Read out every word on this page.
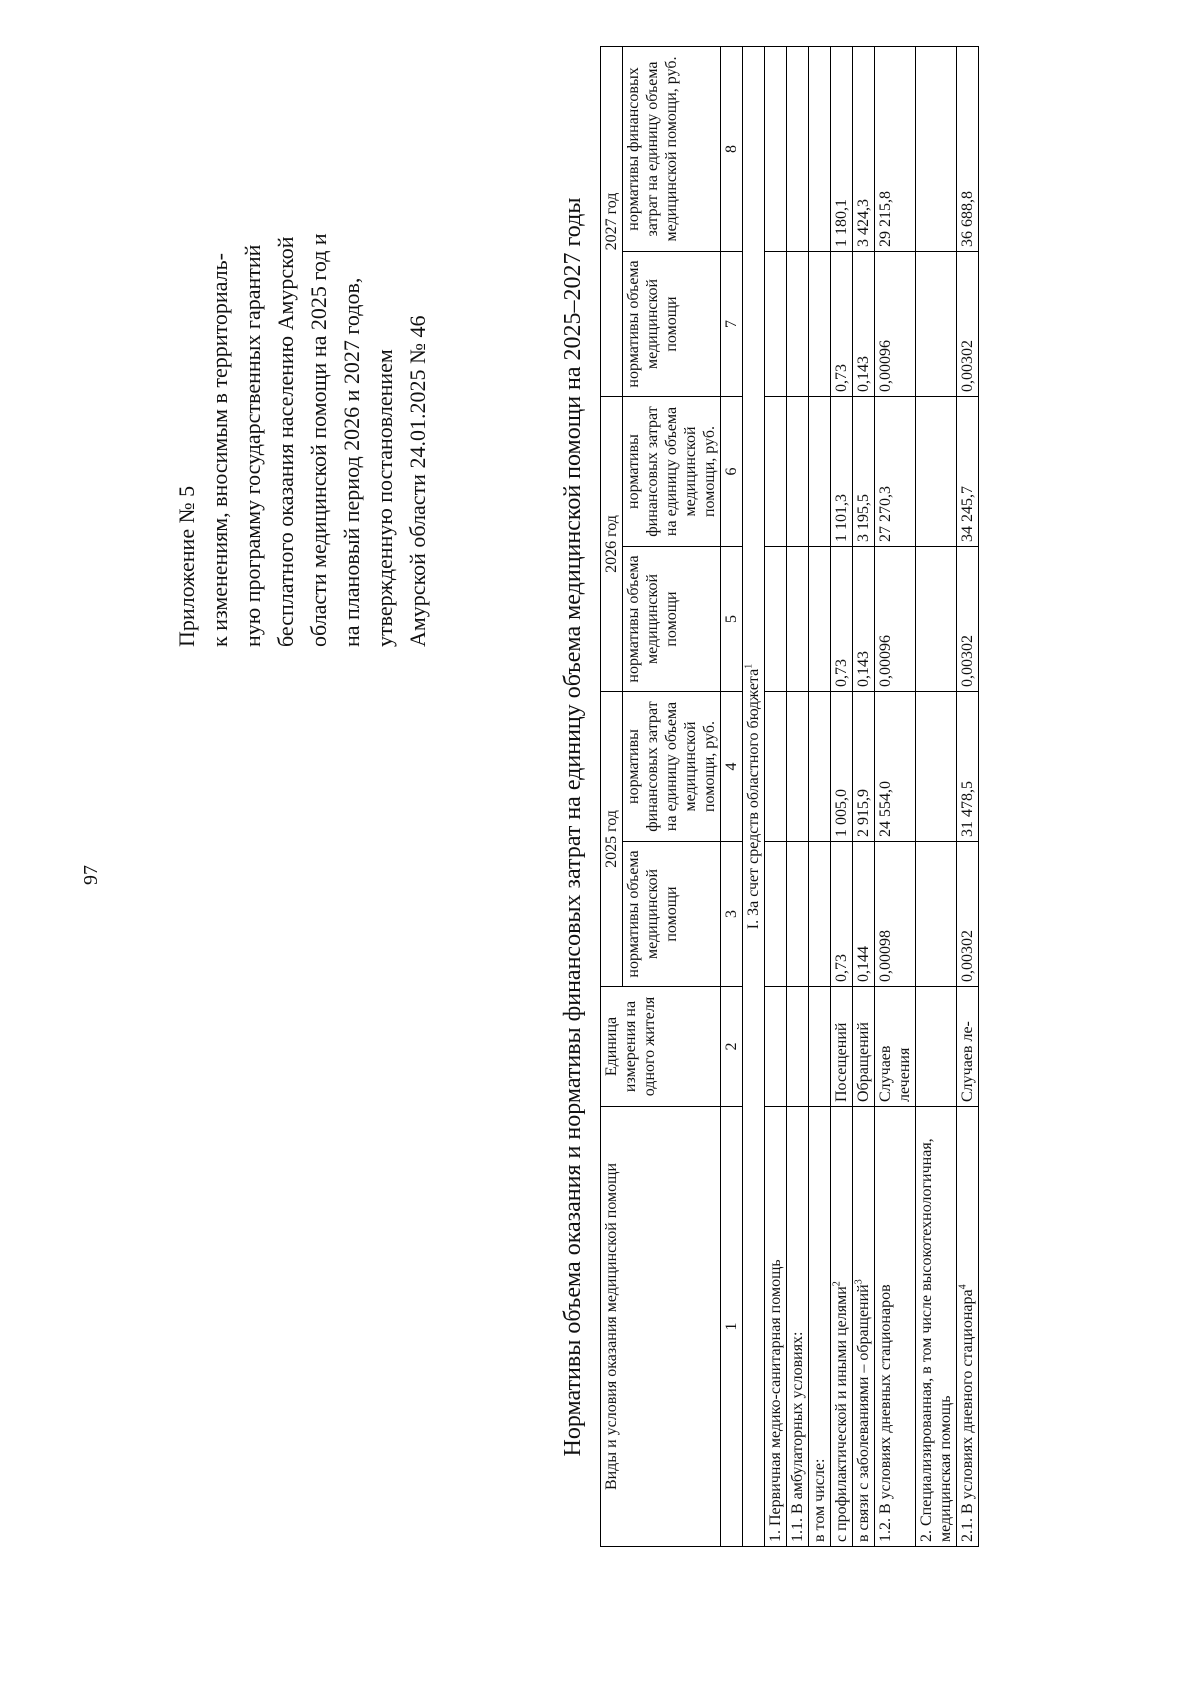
97
Приложение № 5 к изменениям, вносимым в территориаль- ную программу государственных гарантий бесплатного оказания населению Амурской области медицинской помощи на 2025 год и на плановый период 2026 и 2027 годов, утвержденную постановлением Амурской области 24.01.2025 № 46	Нормативы объема оказания и нормативы финансовых затрат на единицу объема медицинской помощи на 2025–2027 годы Виды и условия оказания медицинской помощи	Единица измерения на одного жителя	2025 год		2026 год		2027 год	
		нормативы объема медицинской помощи	нормативы финансовых затрат на единицу объема медицинской помощи, руб.	нормативы объема медицинской помощи	нормативы финансовых затрат на единицу объема медицинской помощи, руб.	нормативы объема медицинской помощи	нормативы финансовых затрат на единицу объема медицинской помощи, руб.
1	2	3	4	5	6	7	8
I. За счет средств областного бюджета$^1$
1. Первичная медико-санитарная помощь							
1.1. В амбулаторных условиях:							
в том числе:							
с профилактической и иными целями$^2$	Посещений	0,73	1 005,0	0,73	1 101,3	0,73	1 180,1
в связи с заболеваниями – обращений$^3$	Обращений	0,144	2 915,9	0,143	3 195,5	0,143	3 424,3
1.2. В условиях дневных стационаров	Случаев лечения	0,00098	24 554,0	0,00096	27 270,3	0,00096	29 215,8
2. Специализированная, в том числе высокотехнологичная, медицинская помощь							
2.1. В условиях дневного стационара$^4$	Случаев ле-	0,00302	31 478,5	0,00302	34 245,7	0,00302	36 688,8
